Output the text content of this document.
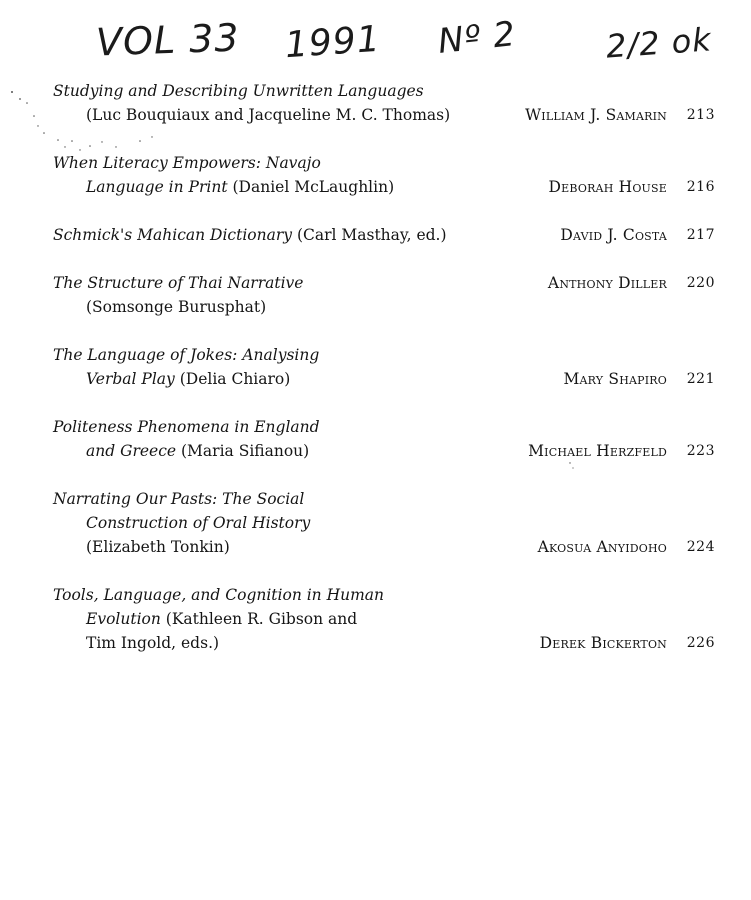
VOL 33 1991 Nº 2	2/2 ok
Studying and Describing Unwritten Languages
(Luc Bouquiaux and Jacqueline M. C. Thomas)	William J. Samarin 213
When Literacy Empowers: Navajo
Language in Print (Daniel McLaughlin)	Deborah House 216
Schmick's Mahican Dictionary (Carl Masthay, ed.)	David J. Costa 217
The Structure of Thai Narrative	Anthony Diller 220
(Somsonge Burusphat)
The Language of Jokes: Analysing
Verbal Play (Delia Chiaro)	Mary Shapiro 221
Politeness Phenomena in England
and Greece (Maria Sifianou)	Michael Herzfeld 223
Narrating Our Pasts: The Social
Construction of Oral History
(Elizabeth Tonkin)	Akosua Anyidoho 224
Tools, Language, and Cognition in Human
Evolution (Kathleen R. Gibson and
Tim Ingold, eds.)	Derek Bickerton 226
